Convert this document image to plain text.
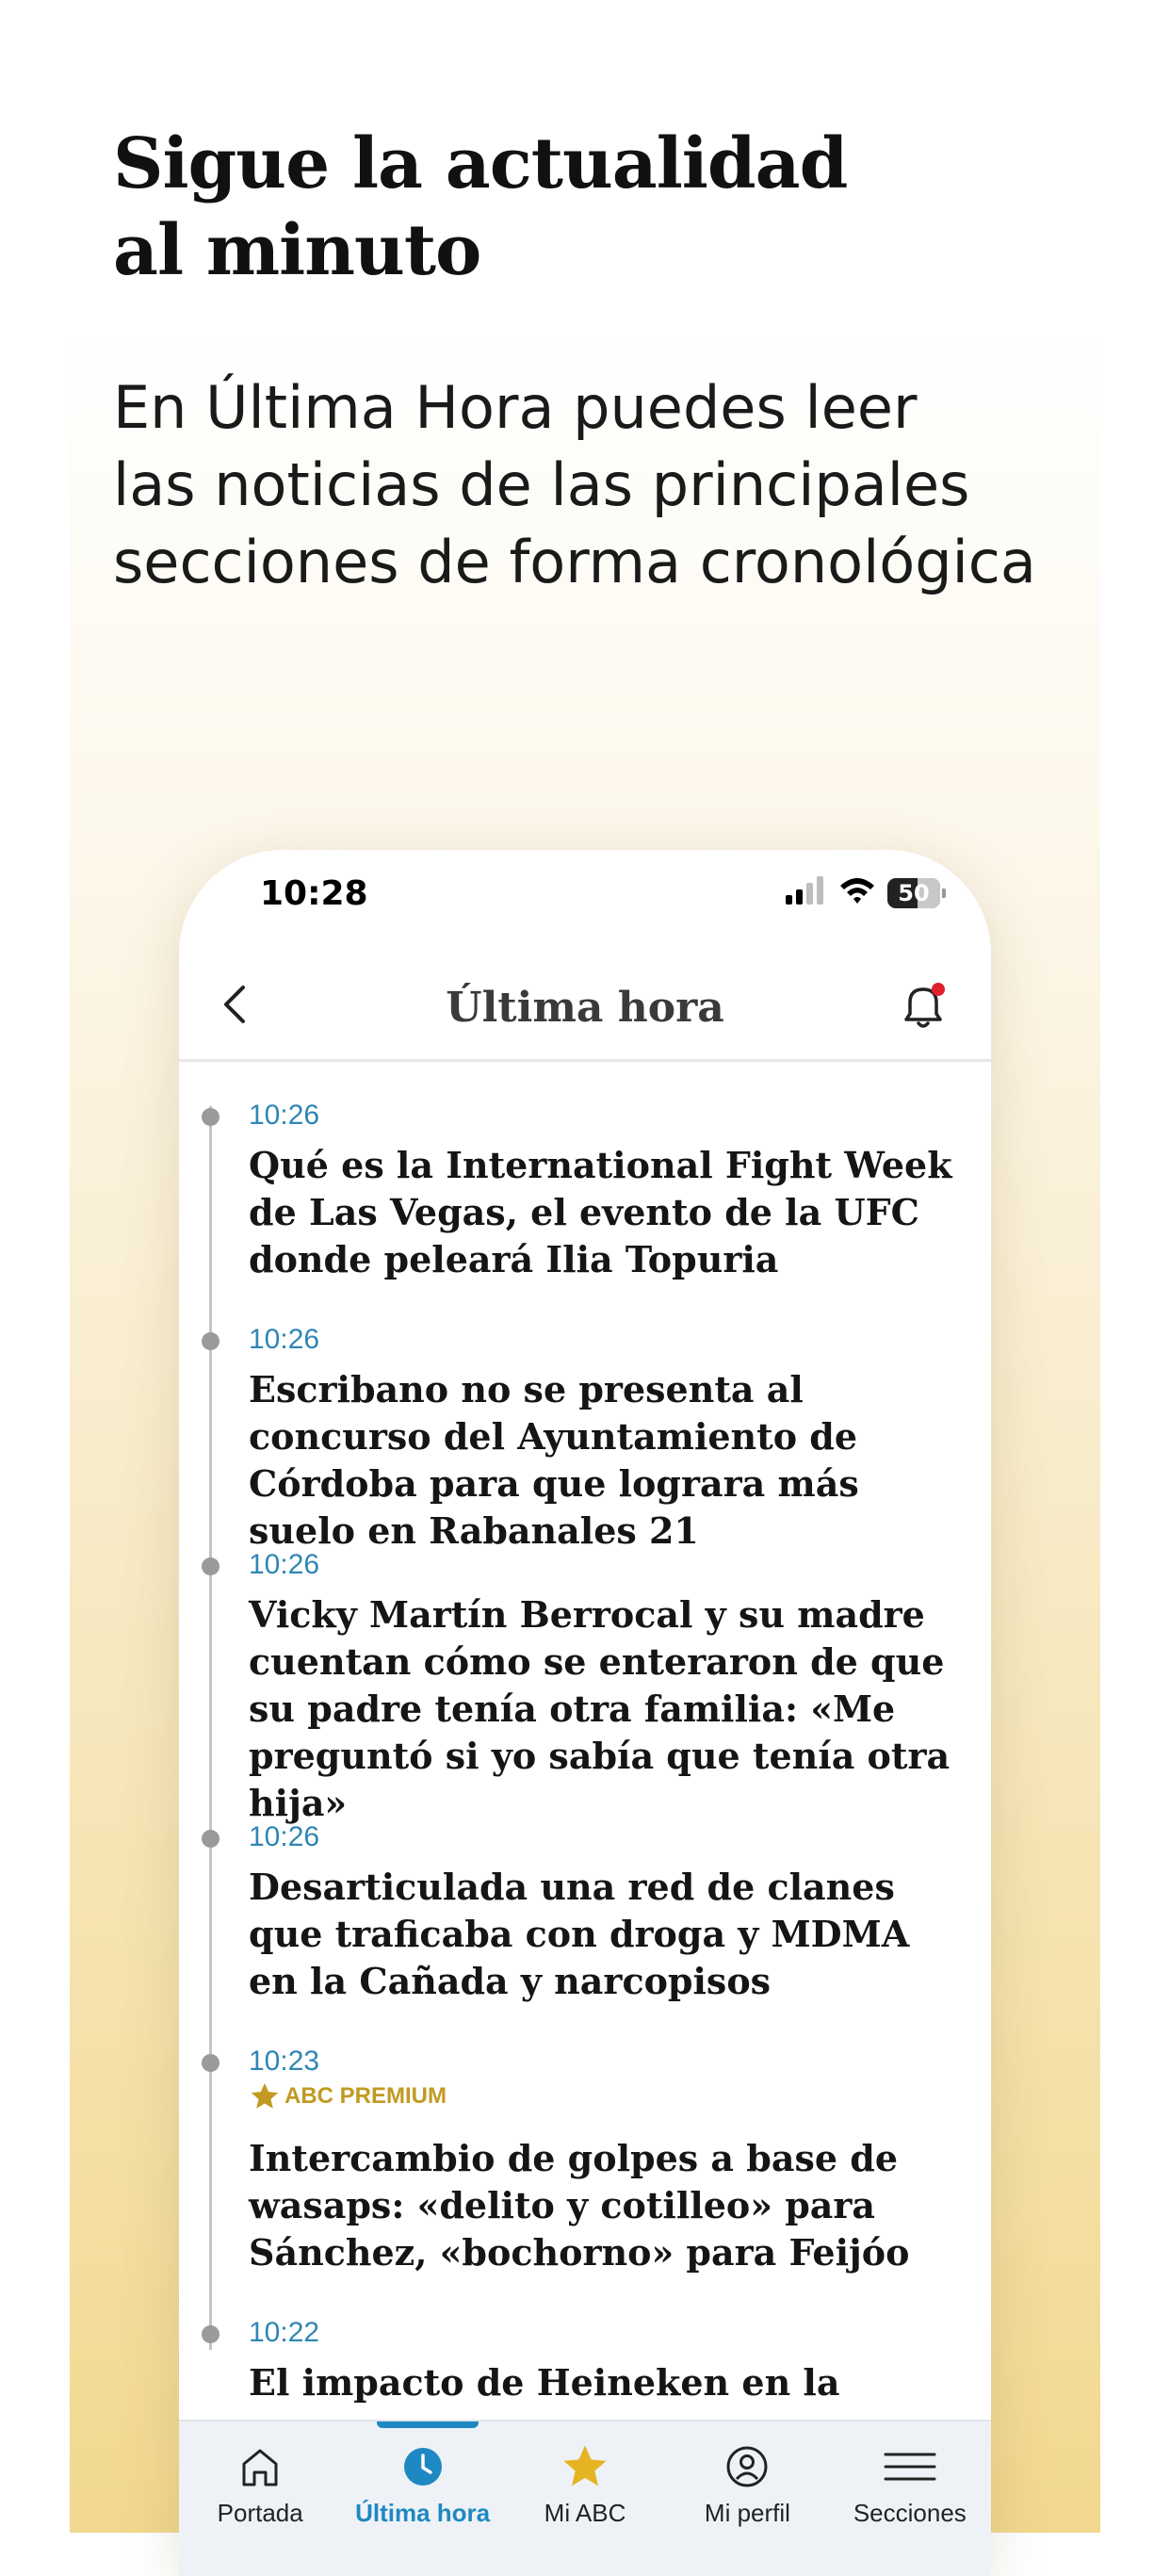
Sigue la actualidad
al minuto

En Última Hora puedes leer
las noticias de las principales
secciones de forma cronológica

10:28	50
Última hora
10:26

Qué es la International Fight Week de Las Vegas, el evento de la UFC donde peleará Ilia Topuria

10:26

Escribano no se presenta al concurso del Ayuntamiento de Córdoba para que lograra más suelo en Rabanales 21

10:26

Vicky Martín Berrocal y su madre cuentan cómo se enteraron de que su padre tenía otra familia: «Me preguntó si yo sabía que tenía otra hija»

10:26

Desarticulada una red de clanes que traficaba con droga y MDMA en la Cañada y narcopisos

10:23
ABC PREMIUM

Intercambio de golpes a base de wasaps: «delito y cotilleo» para Sánchez, «bochorno» para Feijóo

10:22

El impacto de Heineken en la

Portada Última hora Mi ABC	Mi perfil	Secciones
